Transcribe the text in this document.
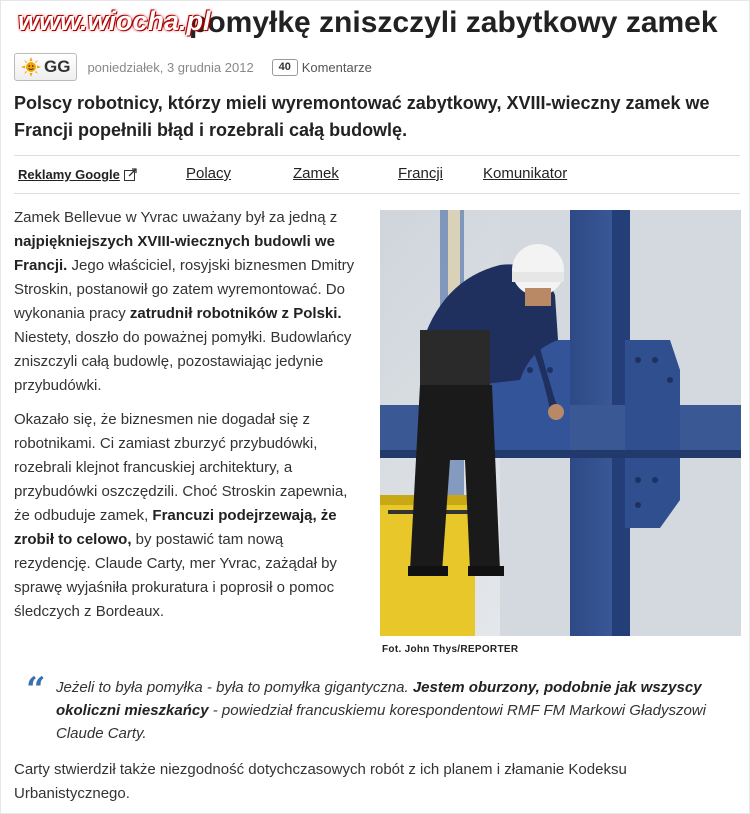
pomyłkę zniszczyli zabytkowy zamek
www.wiocha.pl
GG poniedziałek, 3 grudnia 2012	40 Komentarze
Polscy robotnicy, którzy mieli wyremontować zabytkowy, XVIII-wieczny zamek we Francji popełnili błąd i rozebrali całą budowlę.
Reklamy Google	Polacy	Zamek	Francji	Komunikator

Zamek Bellevue w Yvrac uważany był za jedną z najpiękniejszych XVIII-wiecznych budowli we Francji. Jego właściciel, rosyjski biznesmen Dmitry Stroskin, postanowił go zatem wyremontować. Do wykonania pracy zatrudnił robotników z Polski. Niestety, doszło do poważnej pomyłki. Budowlańcy zniszczyli całą budowlę, pozostawiając jedynie przybudówki.

Okazało się, że biznesmen nie dogadał się z robotnikami. Ci zamiast zburzyć przybudówki, rozebrali klejnot francuskiej architektury, a przybudówki oszczędzili. Choć Stroskin zapewnia, że odbuduje zamek, Francuzi podejrzewają, że zrobił to celowo, by postawić tam nową rezydencję. Claude Carty, mer Yvrac, zażądał by sprawę wyjaśniła prokuratura i poprosił o pomoc śledczych z Bordeaux.

Fot. John Thys/REPORTER
“ Jeżeli to była pomyłka - była to pomyłka gigantyczna. Jestem oburzony, podobnie jak wszyscy okoliczni mieszkańcy - powiedział francuskiemu korespondentowi RMF FM Markowi Gładyszowi Claude Carty.
Carty stwierdził także niezgodność dotychczasowych robót z ich planem i złamanie Kodeksu Urbanistycznego.
